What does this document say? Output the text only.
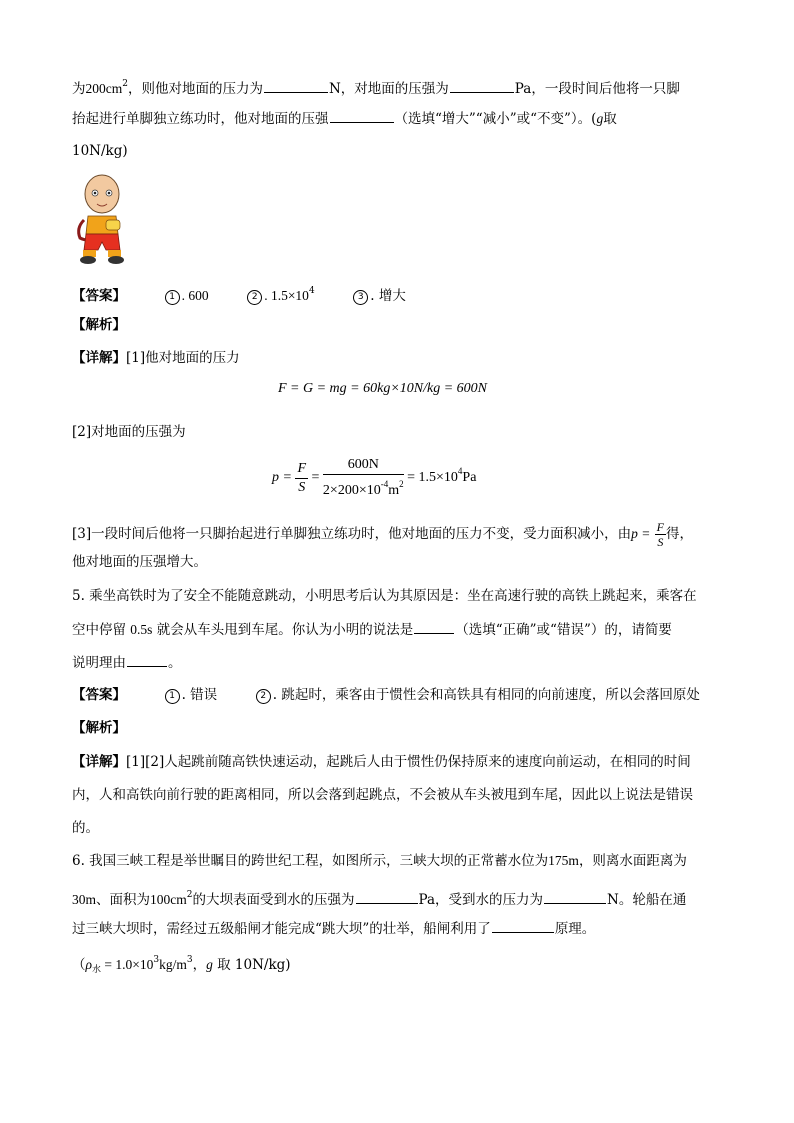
为$200cm^2$，则他对地面的压力为	N，对地面的压强为	Pa，一段时间后他将一只脚
抬起进行单脚独立练功时，他对地面的压强	（选填“增大”“减小”或“不变”）。(g取
10N/kg)
【答案】	1 . 600	2 . $1.5\times 10^4$  3 . 增大
【解析】
【详解】[1]他对地面的压力
F = G = mg = 60kg×10N/kg = 600N
[2]对地面的压强为
$p = \frac{F}{S} = \frac{600N}{2\times 200\times 10^{-4}m^2} = 1.5\times 10^4Pa$
[3]一段时间后他将一只脚抬起进行单脚独立练功时，他对地面的压力不变，受力面积减小，由$p = \frac{F}{S}$ 得，
他对地面的压强增大。
5. 乘坐高铁时为了安全不能随意跳动，小明思考后认为其原因是：坐在高速行驶的高铁上跳起来，乘客在
空中停留 0.5s 就会从车头甩到车尾。你认为小明的说法是	（选填“正确”或“错误”）的，请简要
说明理由	。
【答案】	1 . 错误	2 . 跳起时，乘客由于惯性会和高铁具有相同的向前速度，所以会落回原处
【解析】
【详解】[1][2]人起跳前随高铁快速运动，起跳后人由于惯性仍保持原来的速度向前运动，在相同的时间
内，人和高铁向前行驶的距离相同，所以会落到起跳点，不会被从车头被甩到车尾，因此以上说法是错误
的。
6. 我国三峡工程是举世瞩目的跨世纪工程，如图所示，三峡大坝的正常蓄水位为175m，则离水面距离为
30m、面积为$100cm^2$的大坝表面受到水的压强为	Pa，受到水的压力为	N。轮船在通
过三峡大坝时，需经过五级船闸才能完成“跳大坝”的壮举，船闸利用了	原理。
（$\rho_水 = 1.0\times 10^3kg/m^3$，g 取 10N/kg)
